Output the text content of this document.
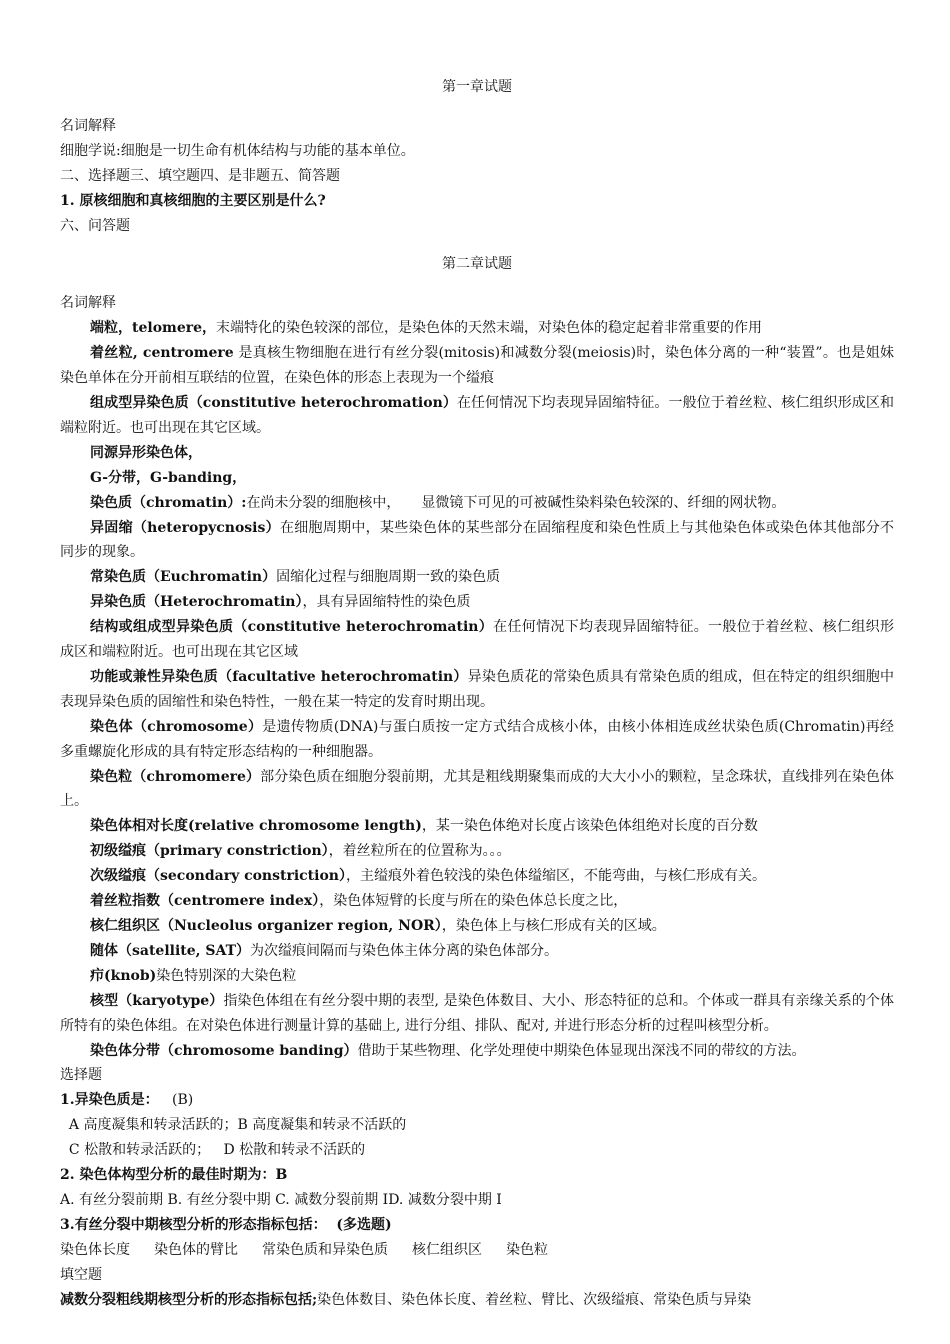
第一章试题

名词解释

细胞学说:细胞是一切生命有机体结构与功能的基本单位。

二、选择题三、填空题四、是非题五、简答题

1. 原核细胞和真核细胞的主要区别是什么?

六、问答题

第二章试题

名词解释

端粒，telomere，末端特化的染色较深的部位，是染色体的天然末端，对染色体的稳定起着非常重要的作用

着丝粒, centromere 是真核生物细胞在进行有丝分裂(mitosis)和减数分裂(meiosis)时，染色体分离的一种“装置”。也是姐妹染色单体在分开前相互联结的位置，在染色体的形态上表现为一个缢痕

组成型异染色质（constitutive heterochromation）在任何情况下均表现异固缩特征。一般位于着丝粒、核仁组织形成区和端粒附近。也可出现在其它区域。

同源异形染色体，

G-分带，G-banding，

染色质（chromatin）:在尚未分裂的细胞核中，　　显微镜下可见的可被碱性染料染色较深的、纤细的网状物。

异固缩（heteropycnosis）在细胞周期中，某些染色体的某些部分在固缩程度和染色性质上与其他染色体或染色体其他部分不同步的现象。

常染色质（Euchromatin）固缩化过程与细胞周期一致的染色质

异染色质（Heterochromatin），具有异固缩特性的染色质

结构或组成型异染色质（constitutive heterochromatin）在任何情况下均表现异固缩特征。一般位于着丝粒、核仁组织形成区和端粒附近。也可出现在其它区域

功能或兼性异染色质（facultative heterochromatin）异染色质花的常染色质具有常染色质的组成，但在特定的组织细胞中表现异染色质的固缩性和染色特性，一般在某一特定的发育时期出现。

染色体（chromosome）是遗传物质(DNA)与蛋白质按一定方式结合成核小体，由核小体相连成丝状染色质(Chromatin)再经多重螺旋化形成的具有特定形态结构的一种细胞器。

染色粒（chromomere）部分染色质在细胞分裂前期，尤其是粗线期聚集而成的大大小小的颗粒，呈念珠状，直线排列在染色体上。

染色体相对长度(relative chromosome length)，某一染色体绝对长度占该染色体组绝对长度的百分数

初级缢痕（primary constriction），着丝粒所在的位置称为。。。

次级缢痕（secondary constriction），主缢痕外着色较浅的染色体缢缩区，不能弯曲，与核仁形成有关。

着丝粒指数（centromere index），染色体短臂的长度与所在的染色体总长度之比，

核仁组织区（Nucleolus organizer region, NOR），染色体上与核仁形成有关的区域。

随体（satellite, SAT）为次缢痕间隔而与染色体主体分离的染色体部分。

疖(knob)染色特别深的大染色粒

核型（karyotype）指染色体组在有丝分裂中期的表型, 是染色体数目、大小、形态特征的总和。个体或一群具有亲缘关系的个体所特有的染色体组。在对染色体进行测量计算的基础上, 进行分组、排队、配对, 并进行形态分析的过程叫核型分析。

染色体分带（chromosome banding）借助于某些物理、化学处理使中期染色体显现出深浅不同的带纹的方法。

选择题

1.异染色质是： (B)

A 高度凝集和转录活跃的；B 高度凝集和转录不活跃的

C 松散和转录活跃的； D 松散和转录不活跃的

2. 染色体构型分析的最佳时期为：B

A. 有丝分裂前期 B. 有丝分裂中期 C. 减数分裂前期 ID. 减数分裂中期 I

3.有丝分裂中期核型分析的形态指标包括： (多选题)

染色体长度 染色体的臂比 常染色质和异染色质 核仁组织区 染色粒

填空题

减数分裂粗线期核型分析的形态指标包括;染色体数目、染色体长度、着丝粒、臂比、次级缢痕、常染色质与异染
